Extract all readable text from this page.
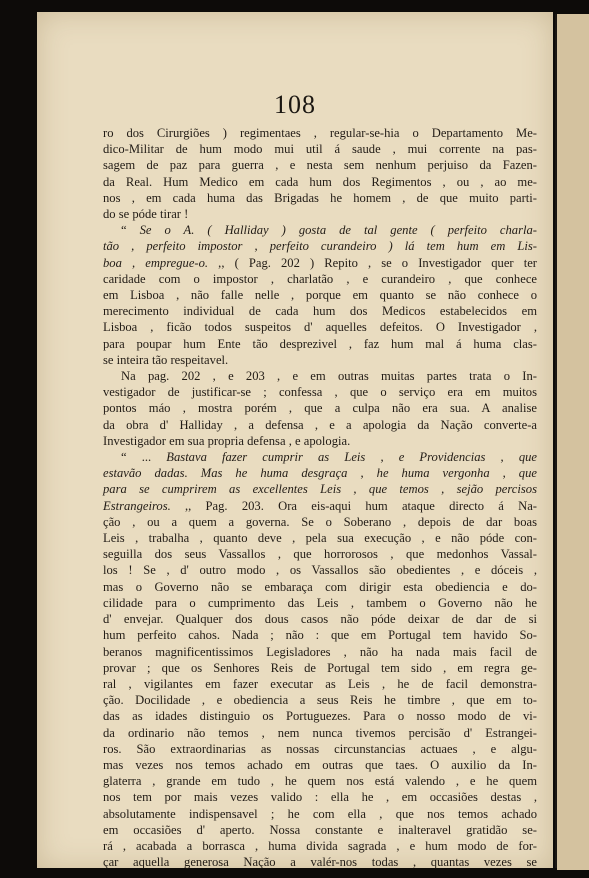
108
ro dos Cirurgiões ) regimentaes , regular-se-hia o Departamento Me-
dico-Militar de hum modo mui util á saude , mui corrente na pas-
sagem de paz para guerra , e nesta sem nenhum perjuiso da Fazen-
da Real. Hum Medico em cada hum dos Regimentos , ou , ao me-
nos , em cada huma das Brigadas he homem , de que muito parti-
do se póde tirar !
“ Se o A. ( Halliday ) gosta de tal gente ( perfeito charla-
tão , perfeito impostor , perfeito curandeiro ) lá tem hum em Lis-
boa , empregue-o. ,, ( Pag. 202 ) Repito , se o Investigador quer ter
caridade com o impostor , charlatão , e curandeiro , que conhece
em Lisboa , não falle nelle , porque em quanto se não conhece o
merecimento individual de cada hum dos Medicos estabelecidos em
Lisboa , ficão todos suspeitos d' aquelles defeitos. O Investigador ,
para poupar hum Ente tão desprezivel , faz hum mal á huma clas-
se inteira tão respeitavel.
Na pag. 202 , e 203 , e em outras muitas partes trata o In-
vestigador de justificar-se ; confessa , que o serviço era em muitos
pontos máo , mostra porém , que a culpa não era sua. A analise
da obra d' Halliday , a defensa , e a apologia da Nação converte-a
Investigador em sua propria defensa , e apologia.
“ ... Bastava fazer cumprir as Leis , e Providencias , que
estavão dadas. Mas he huma desgraça , he huma vergonha , que
para se cumprirem as excellentes Leis , que temos , sejão percisos
Estrangeiros. ,, Pag. 203. Ora eis-aqui hum ataque directo á Na-
ção , ou a quem a governa. Se o Soberano , depois de dar boas
Leis , trabalha , quanto deve , pela sua execução , e não póde con-
seguilla dos seus Vassallos , que horrorosos , que medonhos Vassal-
los ! Se , d' outro modo , os Vassallos são obedientes , e dóceis ,
mas o Governo não se embaraça com dirigir esta obediencia e do-
cilidade para o cumprimento das Leis , tambem o Governo não he
d' envejar. Qualquer dos dous casos não póde deixar de dar de si
hum perfeito cahos. Nada ; não : que em Portugal tem havido So-
beranos magnificentissimos Legisladores , não ha nada mais facil de
provar ; que os Senhores Reis de Portugal tem sido , em regra ge-
ral , vigilantes em fazer executar as Leis , he de facil demonstra-
ção. Docilidade , e obediencia a seus Reis he timbre , que em to-
das as idades distinguio os Portuguezes. Para o nosso modo de vi-
da ordinario não temos , nem nunca tivemos percisão d' Estrangei-
ros. São extraordinarias as nossas circunstancias actuaes , e algu-
mas vezes nos temos achado em outras que taes. O auxilio da In-
glaterra , grande em tudo , he quem nos está valendo , e he quem
nos tem por mais vezes valido : ella he , em occasiões destas ,
absolutamente indispensavel ; he com ella , que nos temos achado
em occasiões d' aperto. Nossa constante e inalteravel gratidão se-
rá , acabada a borrasca , huma divida sagrada , e hum modo de for-
çar aquella generosa Nação a valér-nos todas , quantas vezes se
